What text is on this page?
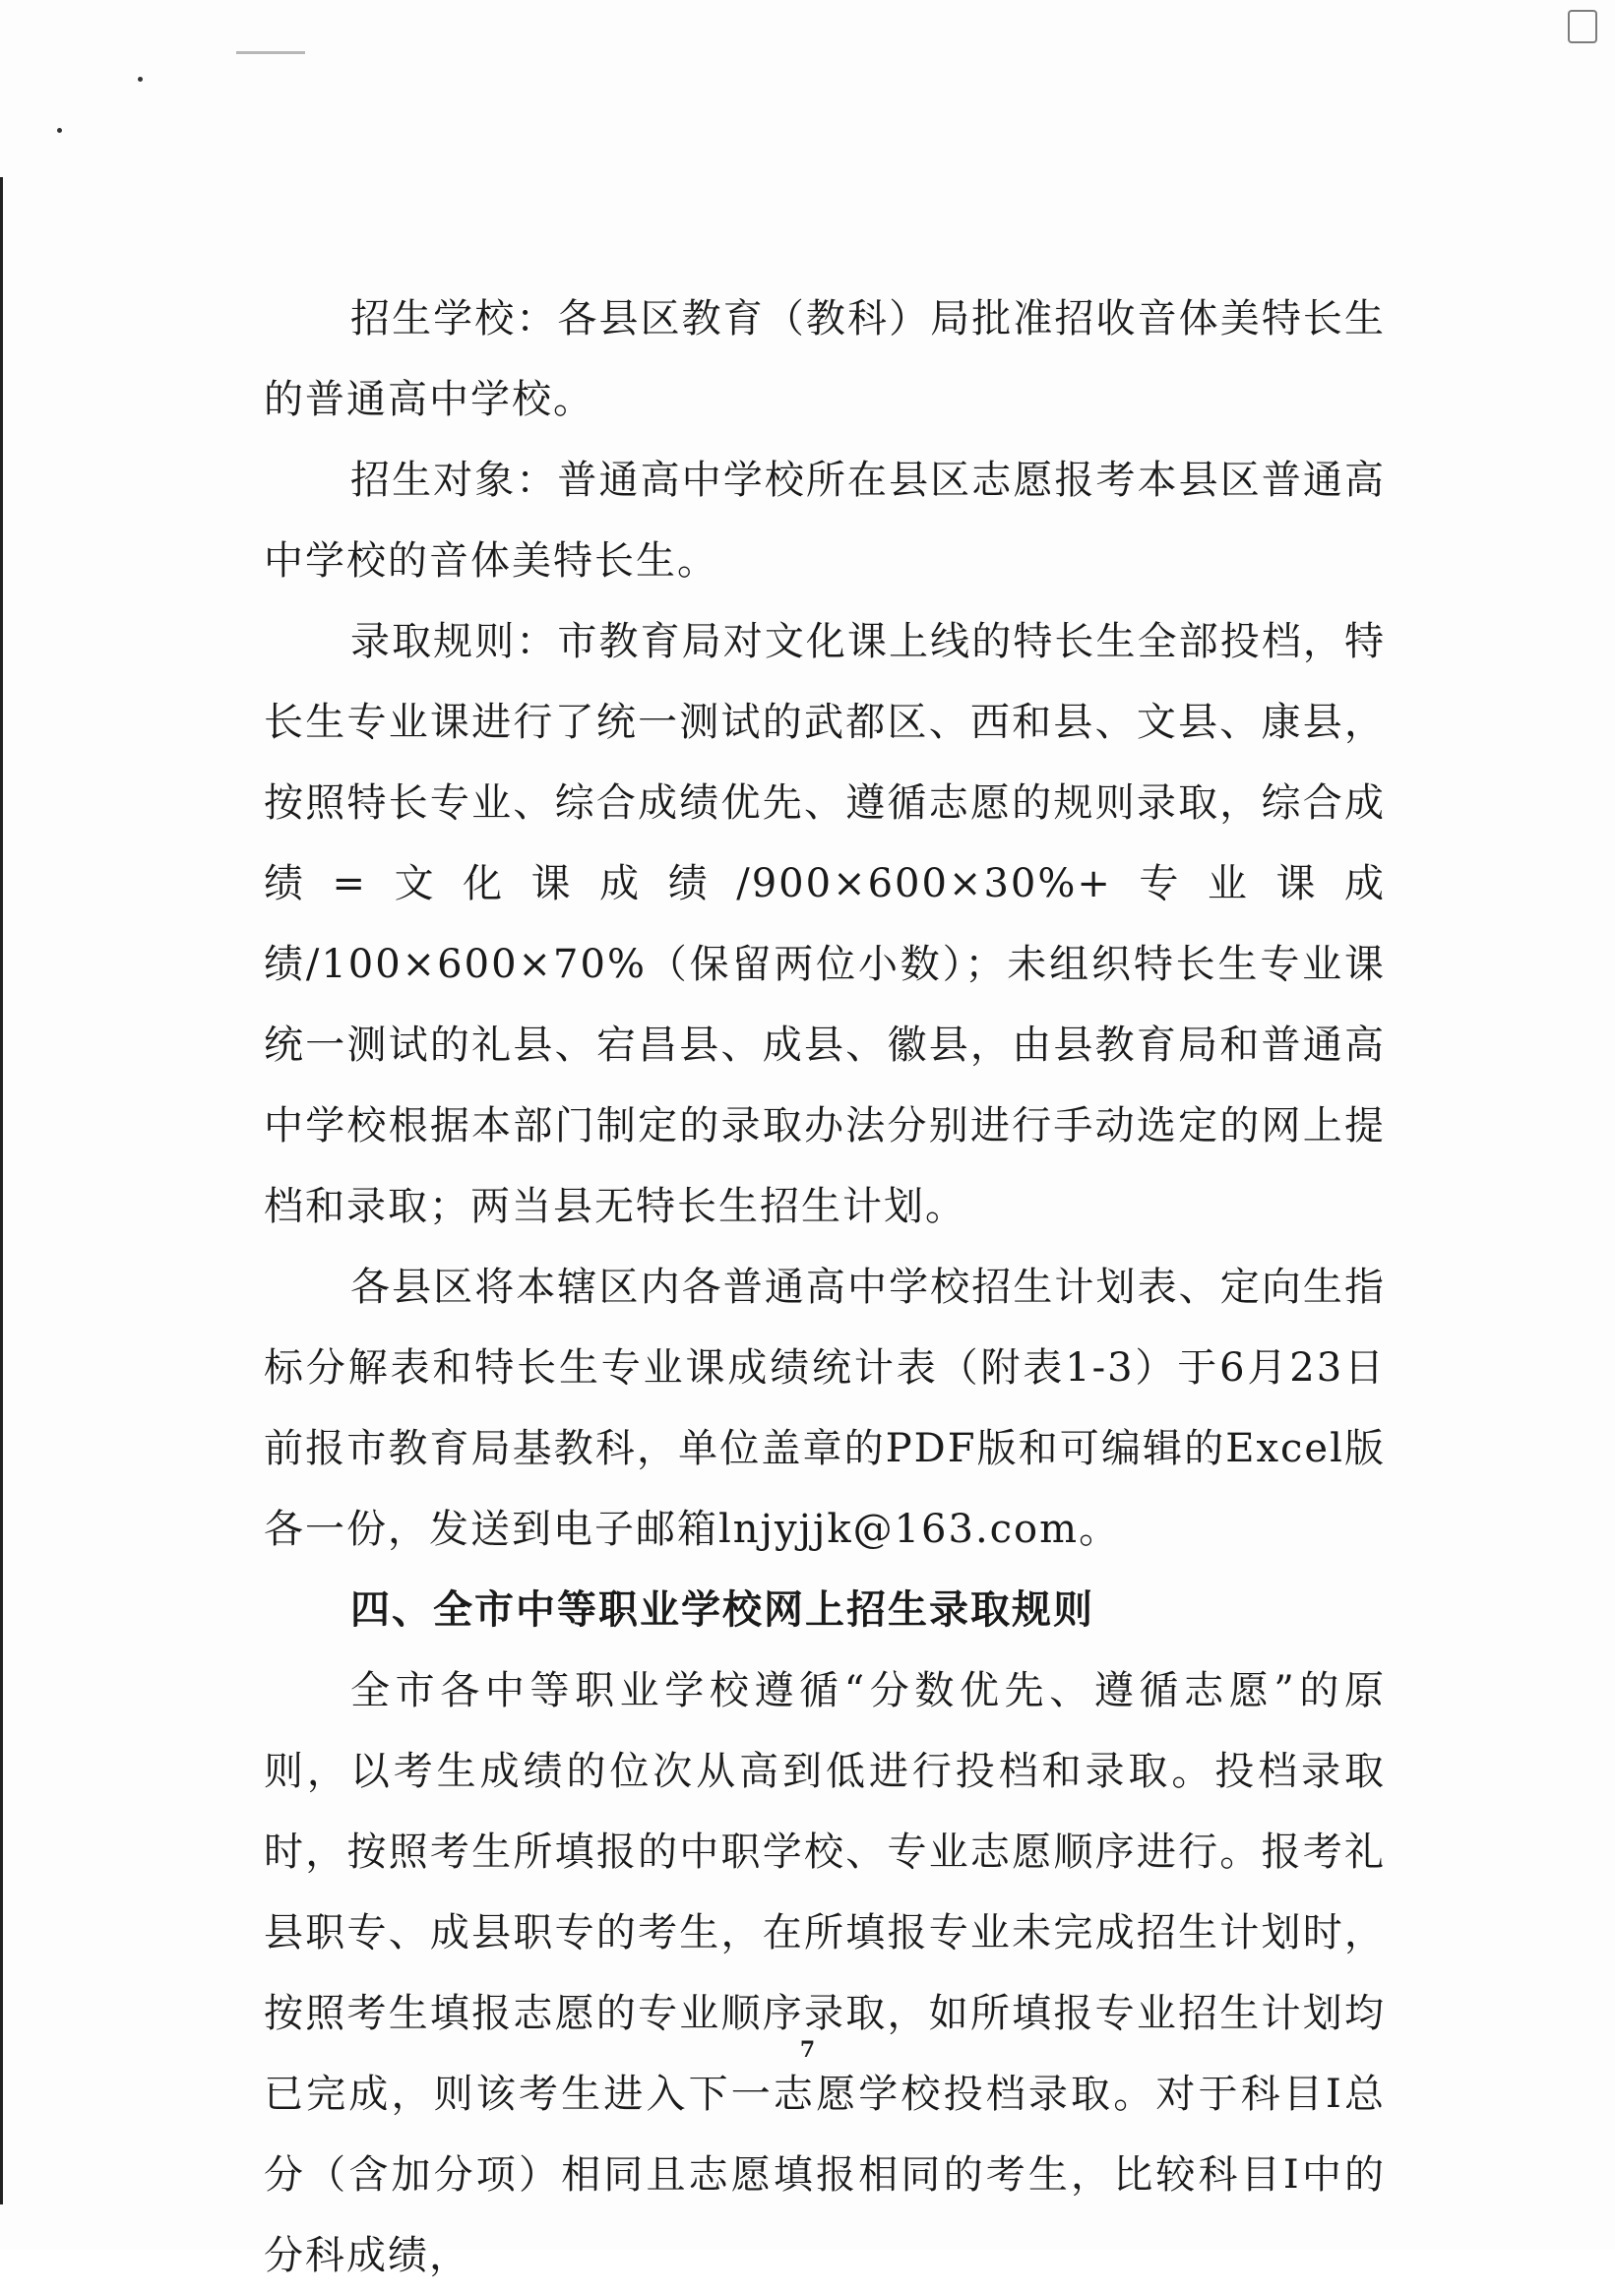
招生学校：各县区教育（教科）局批准招收音体美特长生的普通高中学校。

招生对象：普通高中学校所在县区志愿报考本县区普通高中学校的音体美特长生。

录取规则：市教育局对文化课上线的特长生全部投档，特长生专业课进行了统一测试的武都区、西和县、文县、康县，按照特长专业、综合成绩优先、遵循志愿的规则录取，综合成绩=文化课成绩/900×600×30%+专业课成绩/100×600×70%（保留两位小数）；未组织特长生专业课统一测试的礼县、宕昌县、成县、徽县，由县教育局和普通高中学校根据本部门制定的录取办法分别进行手动选定的网上提档和录取；两当县无特长生招生计划。

各县区将本辖区内各普通高中学校招生计划表、定向生指标分解表和特长生专业课成绩统计表（附表1-3）于6月23日前报市教育局基教科，单位盖章的PDF版和可编辑的Excel版各一份，发送到电子邮箱lnjyjjk@163.com。

四、全市中等职业学校网上招生录取规则

全市各中等职业学校遵循“分数优先、遵循志愿”的原则，以考生成绩的位次从高到低进行投档和录取。投档录取时，按照考生所填报的中职学校、专业志愿顺序进行。报考礼县职专、成县职专的考生，在所填报专业未完成招生计划时，按照考生填报志愿的专业顺序录取，如所填报专业招生计划均已完成，则该考生进入下一志愿学校投档录取。对于科目Ⅰ总分（含加分项）相同且志愿填报相同的考生，比较科目Ⅰ中的分科成绩，

7
